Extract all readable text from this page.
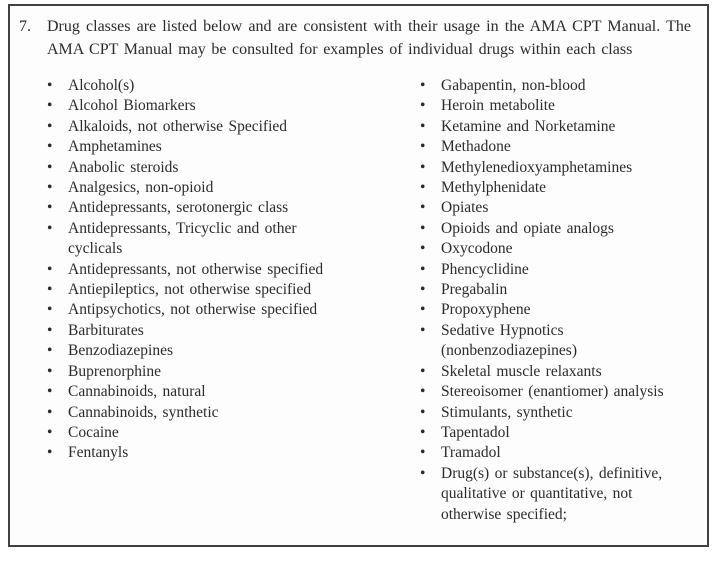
7.	Drug classes are listed below and are consistent with their usage in the AMA CPT Manual. The AMA CPT Manual may be consulted for examples of individual drugs within each class
• Alcohol(s)
• Alcohol Biomarkers
• Alkaloids, not otherwise Specified
• Amphetamines
• Anabolic steroids
• Analgesics, non-opioid
• Antidepressants, serotonergic class
• Antidepressants, Tricyclic and other cyclicals
• Antidepressants, not otherwise specified
• Antiepileptics, not otherwise specified
• Antipsychotics, not otherwise specified
• Barbiturates
• Benzodiazepines
• Buprenorphine
• Cannabinoids, natural
• Cannabinoids, synthetic
• Cocaine
• Fentanyls
• Gabapentin, non-blood
• Heroin metabolite
• Ketamine and Norketamine
• Methadone
• Methylenedioxyamphetamines
• Methylphenidate
• Opiates
• Opioids and opiate analogs
• Oxycodone
• Phencyclidine
• Pregabalin
• Propoxyphene
• Sedative Hypnotics (nonbenzodiazepines)
• Skeletal muscle relaxants
• Stereoisomer (enantiomer) analysis
• Stimulants, synthetic
• Tapentadol
• Tramadol
• Drug(s) or substance(s), definitive, qualitative or quantitative, not otherwise specified;
